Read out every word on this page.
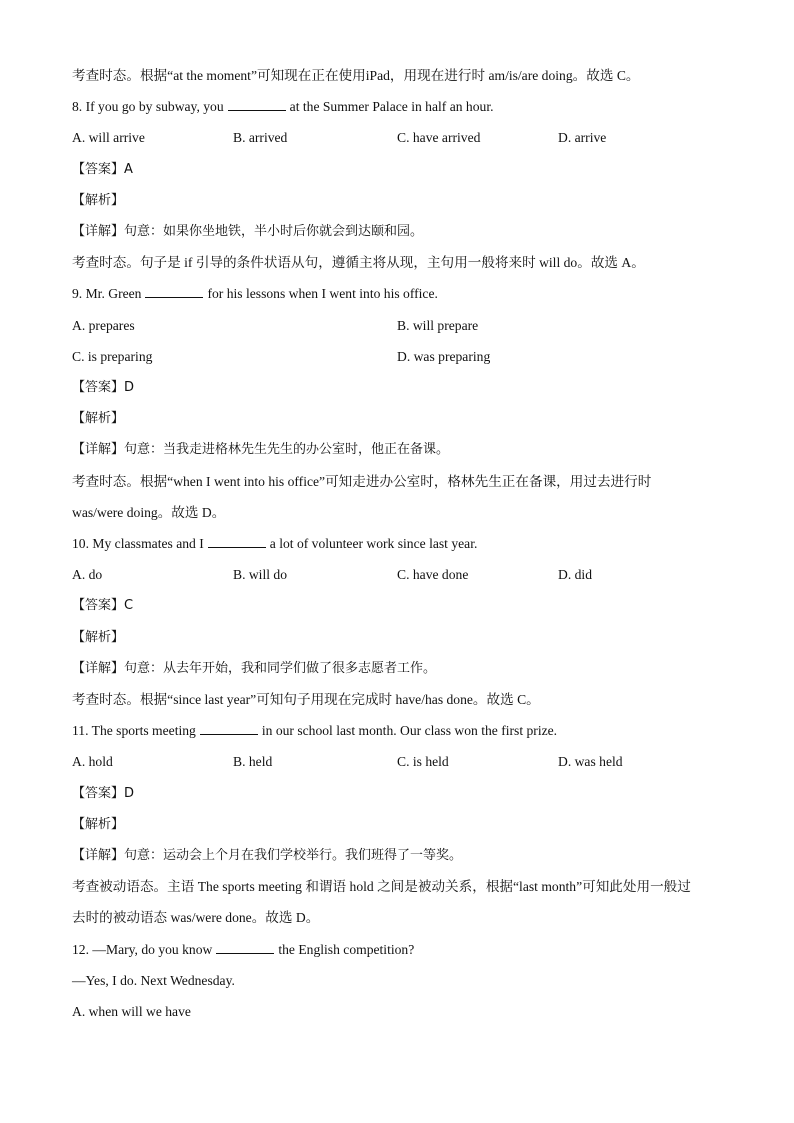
考查时态。根据“at the moment”可知现在正在使用iPad，用现在进行时 am/is/are doing。故选 C。
8. If you go by subway, you	at the Summer Palace in half an hour.
A. will arrive	B. arrived	C. have arrived	D. arrive
【答案】A
【解析】
【详解】句意：如果你坐地铁，半小时后你就会到达颐和园。
考查时态。句子是 if 引导的条件状语从句，遵循主将从现，主句用一般将来时 will do。故选 A。
9. Mr. Green	for his lessons when I went into his office.
A. prepares	B. will prepare
C. is preparing	D. was preparing
【答案】D
【解析】
【详解】句意：当我走进格林先生先生的办公室时，他正在备课。
考查时态。根据“when I went into his office”可知走进办公室时，格林先生正在备课，用过去进行时
was/were doing。故选 D。
10. My classmates and I	a lot of volunteer work since last year.
A. do	B. will do	C. have done	D. did
【答案】C
【解析】
【详解】句意：从去年开始，我和同学们做了很多志愿者工作。
考查时态。根据“since last year”可知句子用现在完成时 have/has done。故选 C。
11. The sports meeting	in our school last month. Our class won the first prize.
A. hold	B. held	C. is held	D. was held
【答案】D
【解析】
【详解】句意：运动会上个月在我们学校举行。我们班得了一等奖。
考查被动语态。主语 The sports meeting 和谓语 hold 之间是被动关系，根据“last month”可知此处用一般过
去时的被动语态 was/were done。故选 D。
12. —Mary, do you know	the English competition?
—Yes, I do. Next Wednesday.
A. when will we have
